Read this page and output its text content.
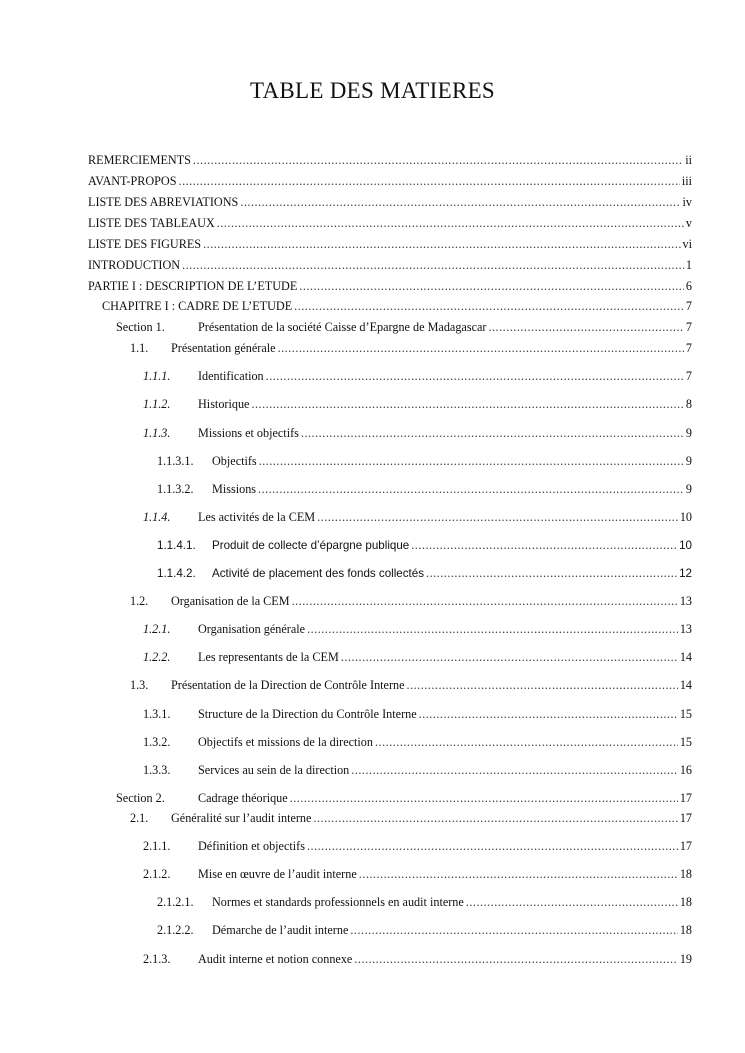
TABLE DES MATIERES
REMERCIEMENTS .....	ii
AVANT-PROPOS .....	iii
LISTE DES ABREVIATIONS .....	iv
LISTE DES TABLEAUX .....	v
LISTE DES FIGURES .....	vi
INTRODUCTION .....	1
PARTIE I : DESCRIPTION DE L’ETUDE .....	6
CHAPITRE I : CADRE DE L’ETUDE .....	7
Section 1.	Présentation de la société Caisse d’Epargne de Madagascar .....	7
1.1.	Présentation générale .....	7
1.1.1.	Identification .....	7
1.1.2.	Historique .....	8
1.1.3.	Missions et objectifs .....	9
1.1.3.1.	Objectifs .....	9
1.1.3.2.	Missions .....	9
1.1.4.	Les activités de la CEM .....	10
1.1.4.1.	Produit de collecte d’épargne publique .....	10
1.1.4.2.	Activité de placement des fonds collectés .....	12
1.2.	Organisation de la CEM .....	13
1.2.1.	Organisation générale .....	13
1.2.2.	Les representants de la CEM .....	14
1.3.	Présentation de la Direction de Contrôle Interne .....	14
1.3.1.	Structure de la Direction du Contrôle Interne .....	15
1.3.2.	Objectifs et missions de la direction .....	15
1.3.3.	Services au sein de la direction .....	16
Section 2.	Cadrage théorique .....	17
2.1.	Généralité sur l’audit interne .....	17
2.1.1.	Définition et objectifs .....	17
2.1.2.	Mise en œuvre de l’audit interne .....	18
2.1.2.1.	Normes et standards professionnels en audit interne .....	18
2.1.2.2.	Démarche de l’audit interne .....	18
2.1.3.	Audit interne et notion connexe .....	19
